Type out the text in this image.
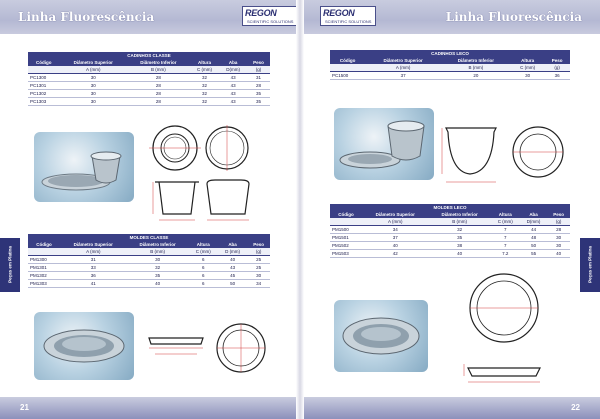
Linha Fluorescência	REGON
SCIENTIFIC SOLUTIONS
CADINHOS CLASSE
Código	Diâmetro Superior	Diâmetro Inferior	Altura	Aba	Peso
	A (mm)	B (mm)	C (mm)	D(mm)	(g)
PC1300	30	28	32	43	31
PC1301	30	28	32	43	28
PC1302	30	28	32	43	35
PC1303	30	28	32	43	35
MOLDES CLASSE
Código	Diâmetro Superior	Diâmetro Inferior	Altura	Aba	Peso
	A (mm)	B (mm)	C (mm)	D (mm)	(g)
PM1300	31	30	6	40	25
PM1301	33	32	6	43	25
PM1302	36	35	6	45	30
PM1303	41	40	6	50	34
Peças em Platina
21
REGON
SCIENTIFIC SOLUTIONS	Linha Fluorescência
CADINHOS LECO
Código	Diâmetro Superior	Diâmetro Inferior	Altura	Peso
	A (mm)	B (mm)	C (mm)	(g)
PC1500	37	20	30	36
MOLDES LECO
Código	Diâmetro Superior	Diâmetro Inferior	Altura	Aba	Peso
	A (mm)	B (mm)	C (mm)	D(mm)	(g)
PM1500	34	32	7	44	28
PM1501	37	35	7	48	30
PM1502	40	38	7	50	30
PM1503	42	40	7.2	55	40	Peças em Platina
22
